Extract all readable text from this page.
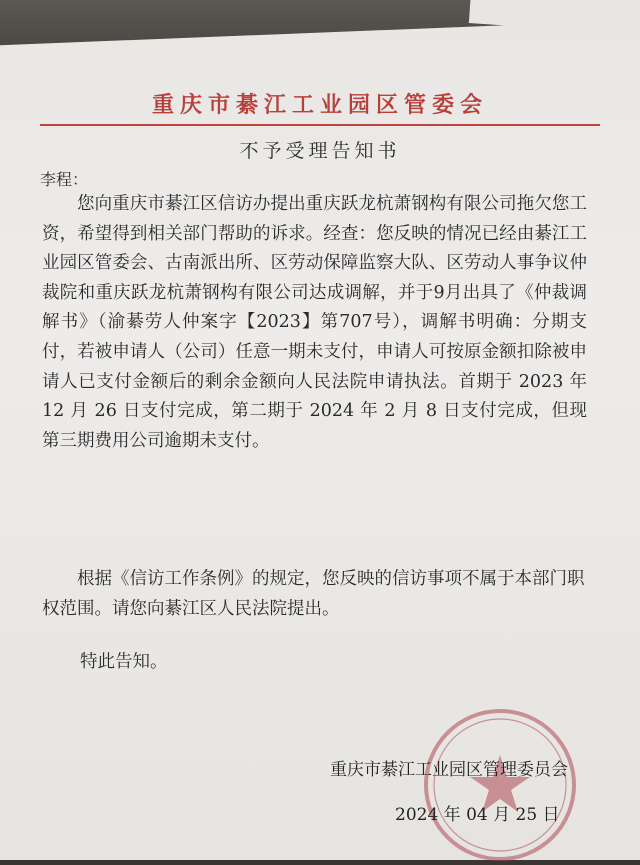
重庆市綦江工业园区管委会
不予受理告知书
李程：

您向重庆市綦江区信访办提出重庆跃龙杭萧钢构有限公司拖欠您工资，希望得到相关部门帮助的诉求。经查：您反映的情况已经由綦江工业园区管委会、古南派出所、区劳动保障监察大队、区劳动人事争议仲裁院和重庆跃龙杭萧钢构有限公司达成调解，并于9月出具了《仲裁调解书》（渝綦劳人仲案字【2023】第707号），调解书明确：分期支付，若被申请人（公司）任意一期未支付，申请人可按原金额扣除被申请人已支付金额后的剩余金额向人民法院申请执法。首期于 2023 年 12 月 26 日支付完成，第二期于 2024 年 2 月 8 日支付完成，但现第三期费用公司逾期未支付。

根据《信访工作条例》的规定，您反映的信访事项不属于本部门职权范围。请您向綦江区人民法院提出。

特此告知。
重庆市綦江工业园区管理委员会
2024 年 04 月 25 日
